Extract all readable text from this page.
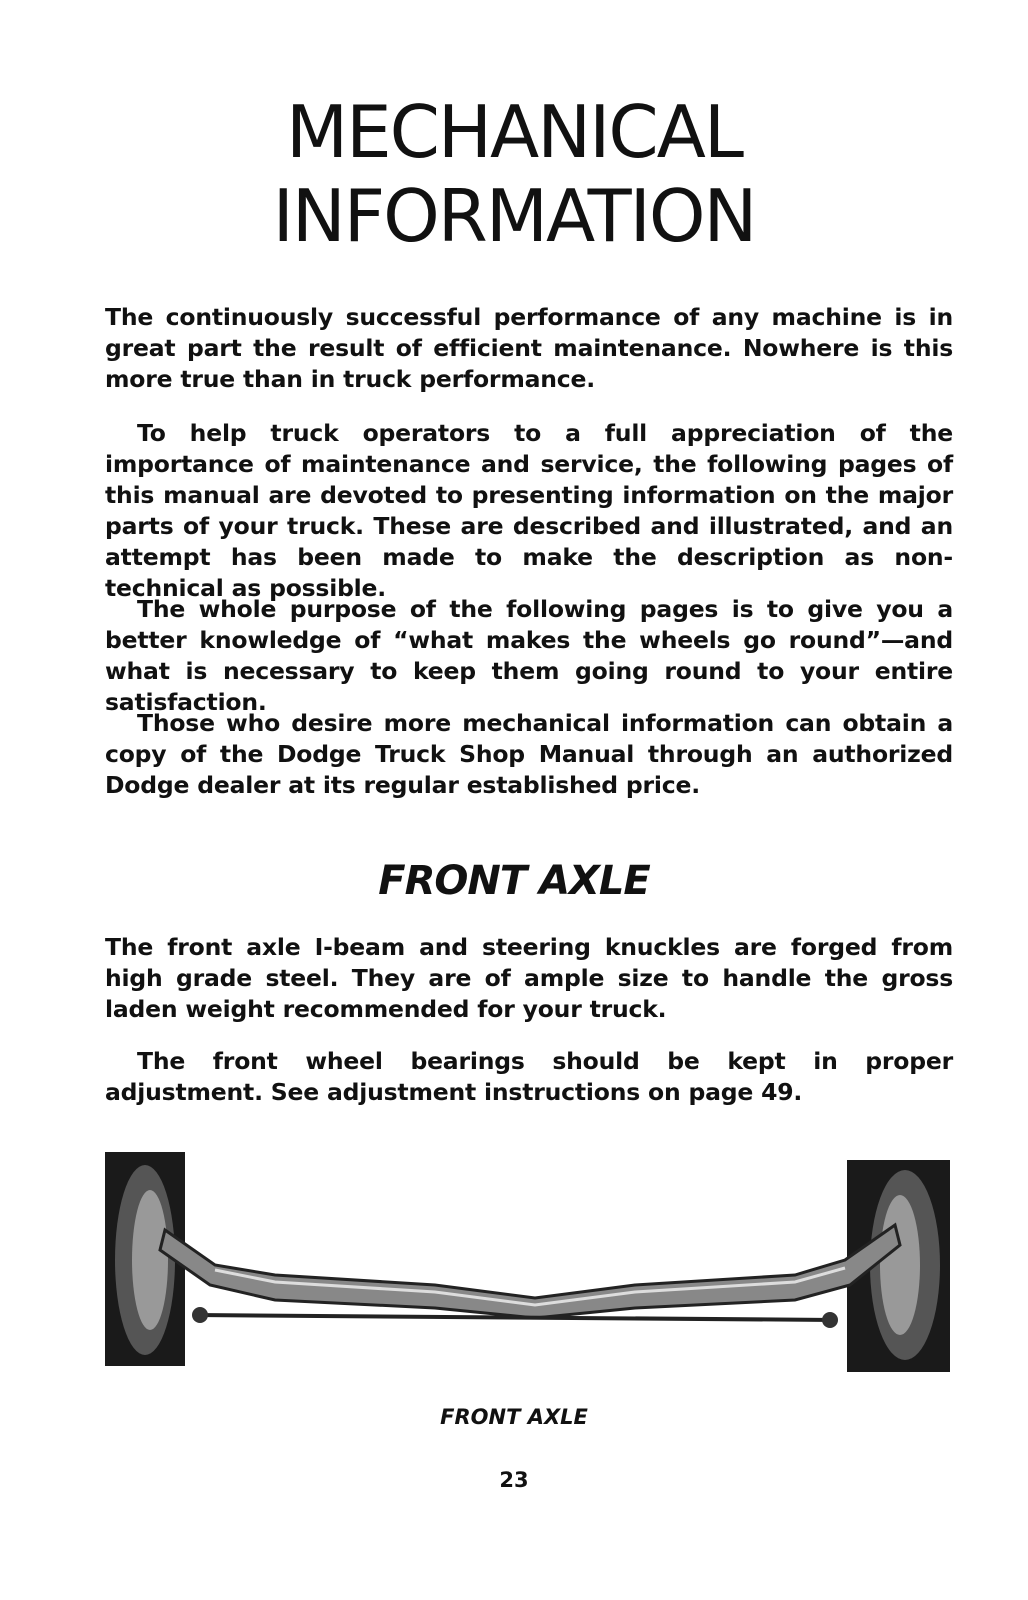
MECHANICAL
INFORMATION

The continuously successful performance of any machine is in great part the result of efficient maintenance. Nowhere is this more true than in truck performance.

To help truck operators to a full appreciation of the importance of maintenance and service, the following pages of this manual are devoted to presenting information on the major parts of your truck. These are described and illustrated, and an attempt has been made to make the description as non-technical as possible.

The whole purpose of the following pages is to give you a better knowledge of “what makes the wheels go round”—and what is necessary to keep them going round to your entire satisfaction.

Those who desire more mechanical information can obtain a copy of the Dodge Truck Shop Manual through an authorized Dodge dealer at its regular established price.

FRONT AXLE

The front axle I-beam and steering knuckles are forged from high grade steel. They are of ample size to handle the gross laden weight recommended for your truck.

The front wheel bearings should be kept in proper adjustment. See adjustment instructions on page 49.

FRONT AXLE
23
